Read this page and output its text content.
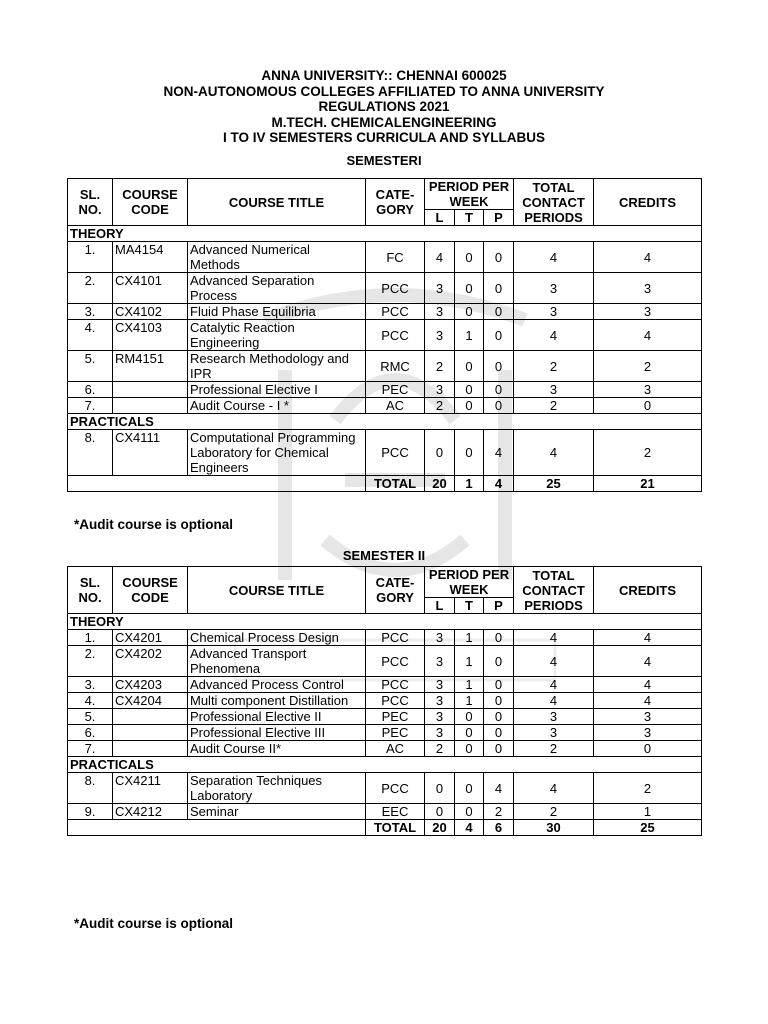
ANNA UNIVERSITY:: CHENNAI 600025
NON-AUTONOMOUS COLLEGES AFFILIATED TO ANNA UNIVERSITY
REGULATIONS 2021
M.TECH. CHEMICALENGINEERING
I TO IV SEMESTERS CURRICULA AND SYLLABUS
SEMESTERI
SL. NO.	COURSE CODE	COURSE TITLE	CATE- GORY	PERIOD PER WEEK			TOTAL CONTACT PERIODS	CREDITS
				L	T	P		
THEORY								
1.	MA4154	Advanced Numerical Methods	FC	4	0	0	4	4
2.	CX4101	Advanced Separation Process	PCC	3	0	0	3	3
3.	CX4102	Fluid Phase Equilibria	PCC	3	0	0	3	3
4.	CX4103	Catalytic Reaction Engineering	PCC	3	1	0	4	4
5.	RM4151	Research Methodology and IPR	RMC	2	0	0	2	2
6.		Professional Elective I	PEC	3	0	0	3	3
7.		Audit Course - I *	AC	2	0	0	2	0
PRACTICALS								
8.	CX4111	Computational Programming Laboratory for Chemical Engineers	PCC	0	0	4	4	2
			TOTAL	20	1	4	25	21
*Audit course is optional
SEMESTER II
SL. NO.	COURSE CODE	COURSE TITLE	CATE- GORY	PERIOD PER WEEK			TOTAL CONTACT PERIODS	CREDITS
				L	T	P		
THEORY								
1.	CX4201	Chemical Process Design	PCC	3	1	0	4	4
2.	CX4202	Advanced Transport Phenomena	PCC	3	1	0	4	4
3.	CX4203	Advanced Process Control	PCC	3	1	0	4	4
4.	CX4204	Multi component Distillation	PCC	3	1	0	4	4
5.		Professional Elective II	PEC	3	0	0	3	3
6.		Professional Elective III	PEC	3	0	0	3	3
7.		Audit Course II*	AC	2	0	0	2	0
PRACTICALS								
8.	CX4211	Separation Techniques Laboratory	PCC	0	0	4	4	2
9.	CX4212	Seminar	EEC	0	0	2	2	1
			TOTAL	20	4	6	30	25
*Audit course is optional
